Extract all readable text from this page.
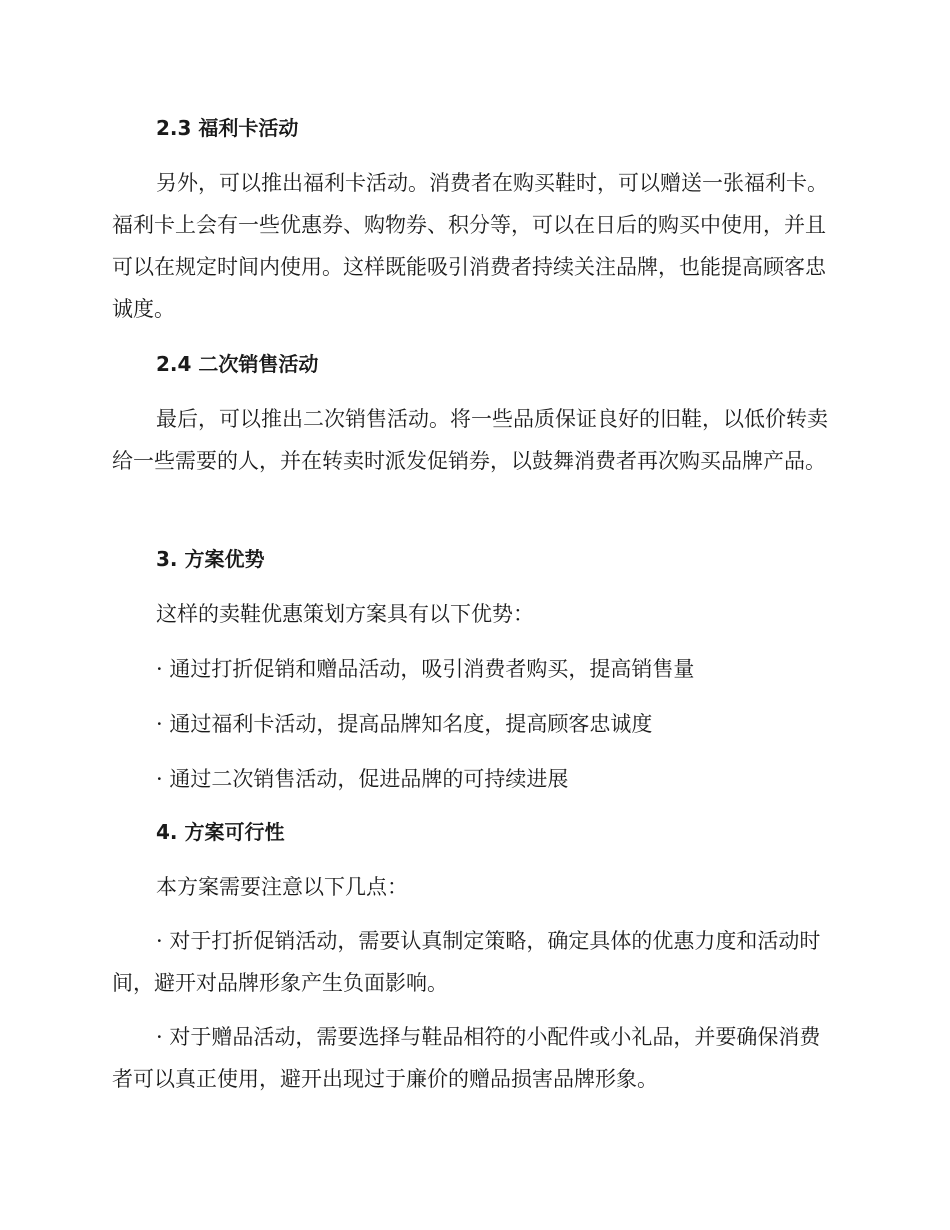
2.3 福利卡活动

另外，可以推出福利卡活动。消费者在购买鞋时，可以赠送一张福利卡。福利卡上会有一些优惠券、购物券、积分等，可以在日后的购买中使用，并且可以在规定时间内使用。这样既能吸引消费者持续关注品牌，也能提高顾客忠诚度。

2.4 二次销售活动

最后，可以推出二次销售活动。将一些品质保证良好的旧鞋，以低价转卖给一些需要的人，并在转卖时派发促销券，以鼓舞消费者再次购买品牌产品。

3. 方案优势
这样的卖鞋优惠策划方案具有以下优势：
· 通过打折促销和赠品活动，吸引消费者购买，提高销售量
· 通过福利卡活动，提高品牌知名度，提高顾客忠诚度
· 通过二次销售活动，促进品牌的可持续进展
4. 方案可行性
本方案需要注意以下几点：

· 对于打折促销活动，需要认真制定策略，确定具体的优惠力度和活动时间，避开对品牌形象产生负面影响。

· 对于赠品活动，需要选择与鞋品相符的小配件或小礼品，并要确保消费者可以真正使用，避开出现过于廉价的赠品损害品牌形象。
